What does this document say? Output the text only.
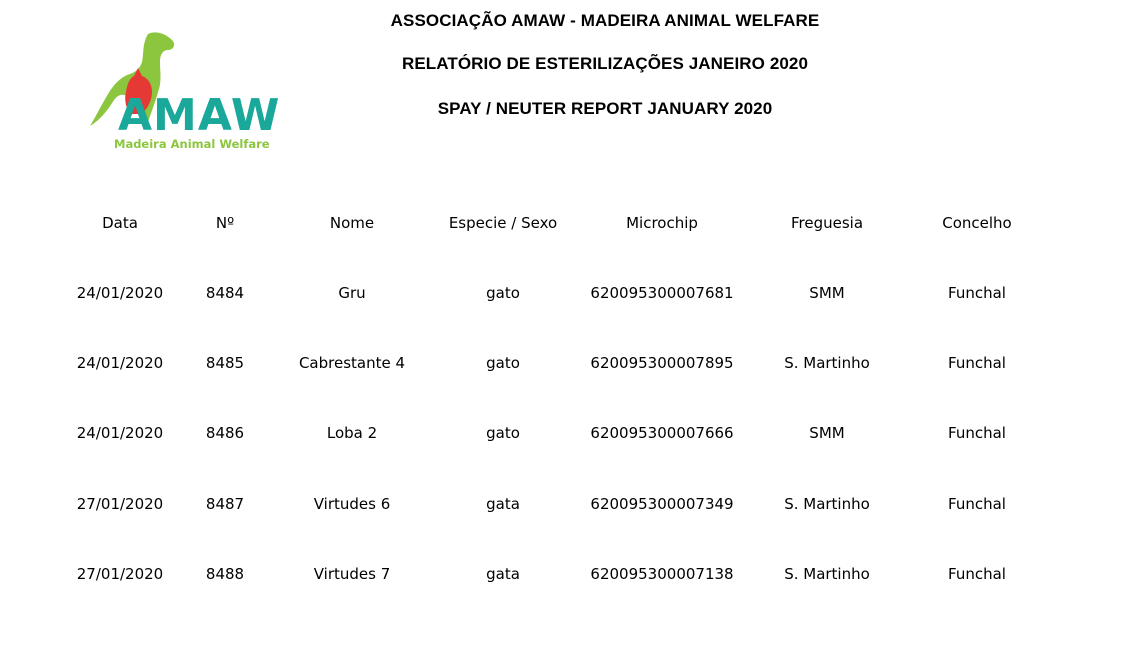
AMAW
Madeira Animal Welfare
ASSOCIAÇÃO AMAW - MADEIRA ANIMAL WELFARE
RELATÓRIO DE ESTERILIZAÇÕES JANEIRO 2020
SPAY / NEUTER REPORT JANUARY 2020
Data	Nº	Nome	Especie / Sexo	Microchip	Freguesia	Concelho
24/01/2020	8484	Gru	gato	620095300007681	SMM	Funchal
24/01/2020	8485	Cabrestante 4	gato	620095300007895	S. Martinho	Funchal
24/01/2020	8486	Loba 2	gato	620095300007666	SMM	Funchal
27/01/2020	8487	Virtudes 6	gata	620095300007349	S. Martinho	Funchal
27/01/2020	8488	Virtudes 7	gata	620095300007138	S. Martinho	Funchal
